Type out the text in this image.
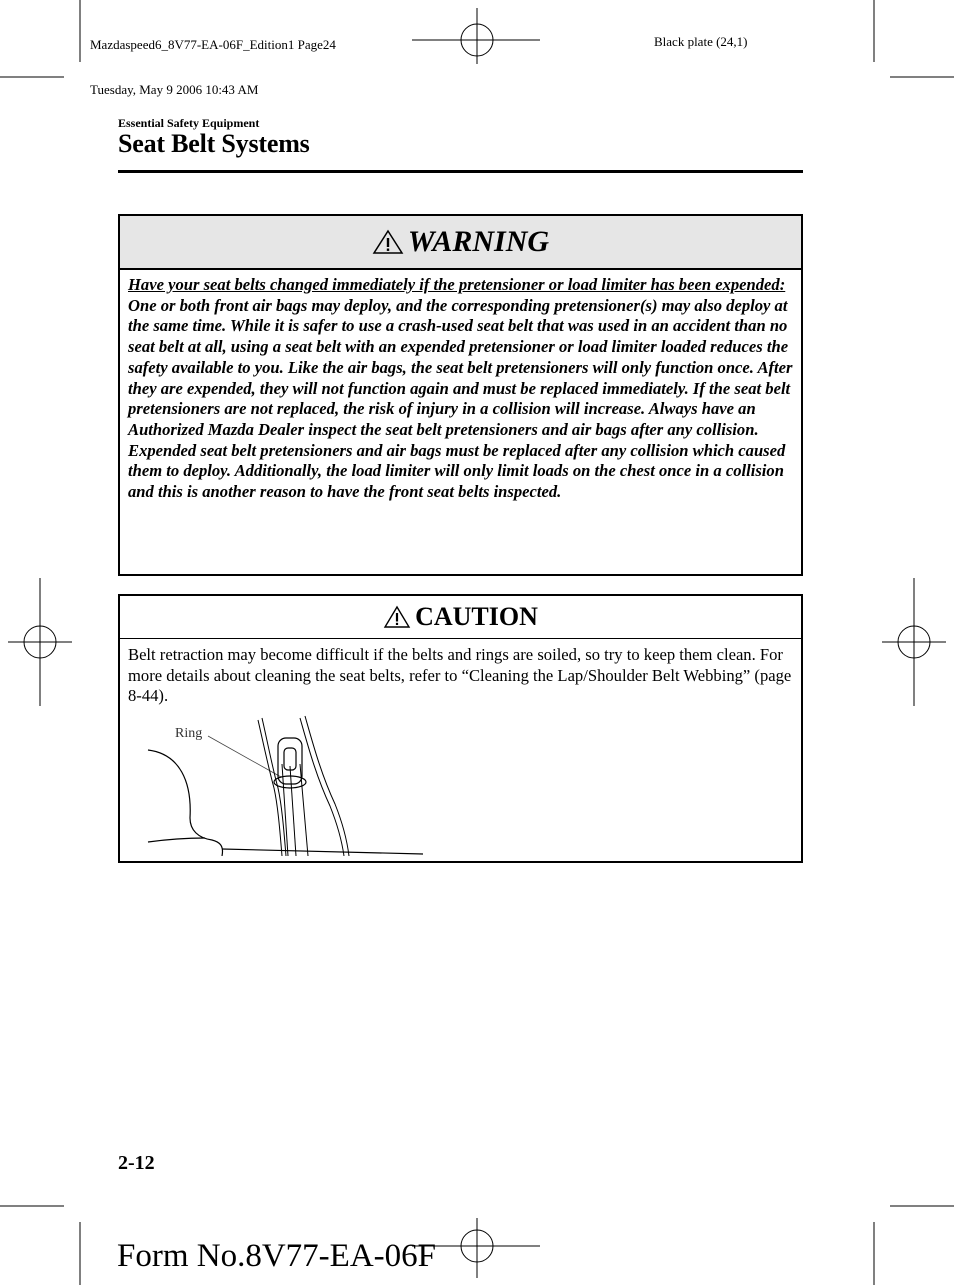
Mazdaspeed6_8V77-EA-06F_Edition1 Page24

Tuesday, May 9 2006 10:43 AM

Black plate (24,1)
Essential Safety Equipment
Seat Belt Systems
WARNING
Have your seat belts changed immediately if the pretensioner or load limiter has been expended:
One or both front air bags may deploy, and the corresponding pretensioner(s) may also deploy at the same time. While it is safer to use a crash-used seat belt that was used in an accident than no seat belt at all, using a seat belt with an expended pretensioner or load limiter loaded reduces the safety available to you. Like the air bags, the seat belt pretensioners will only function once. After they are expended, they will not function again and must be replaced immediately. If the seat belt pretensioners are not replaced, the risk of injury in a collision will increase. Always have an Authorized Mazda Dealer inspect the seat belt pretensioners and air bags after any collision. Expended seat belt pretensioners and air bags must be replaced after any collision which caused them to deploy. Additionally, the load limiter will only limit loads on the chest once in a collision and this is another reason to have the front seat belts inspected.
CAUTION
Belt retraction may become difficult if the belts and rings are soiled, so try to keep them clean. For more details about cleaning the seat belts, refer to “Cleaning the Lap/Shoulder Belt Webbing” (page 8-44).
Ring
2-12
Form No.8V77-EA-06F
